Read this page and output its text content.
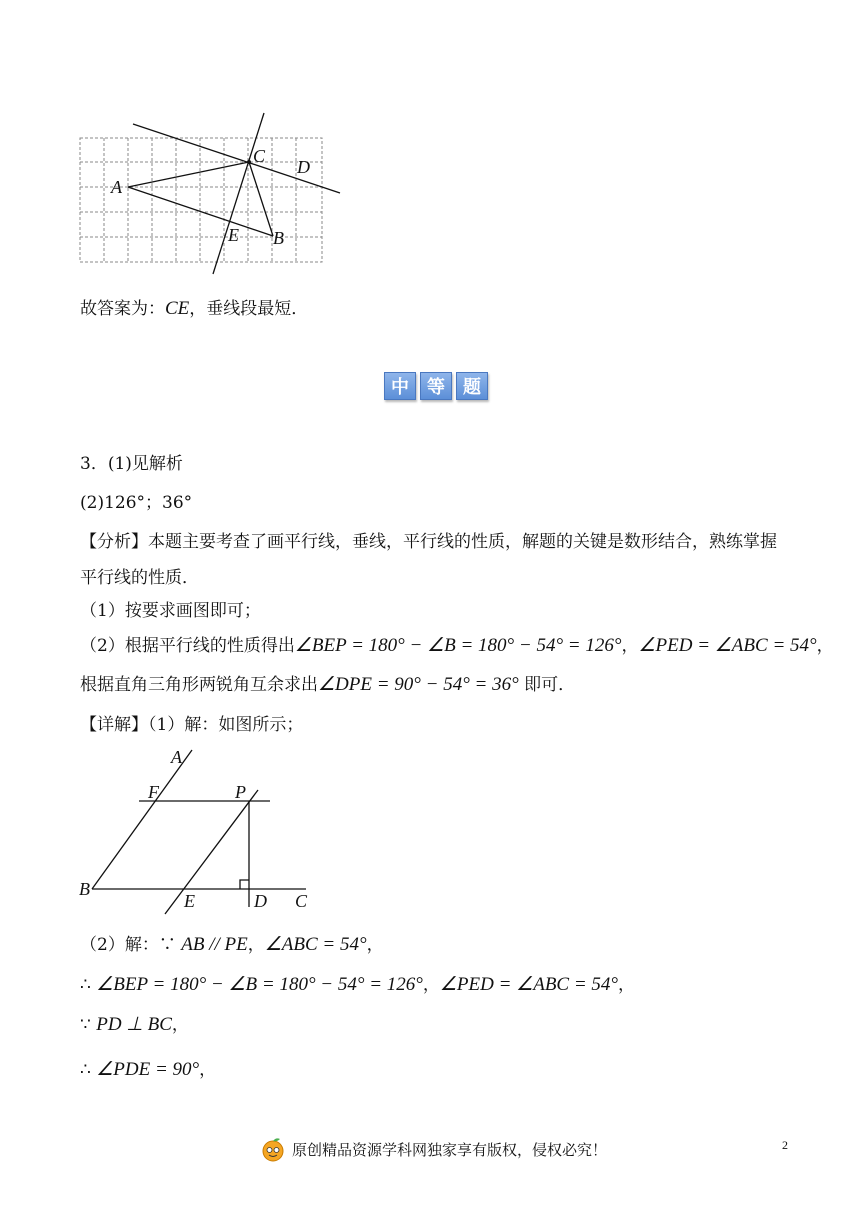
A
C
D
E B
故答案为：CE，垂线段最短．
中	等	题
3．(1)见解析
(2)126°；36°
【分析】本题主要考查了画平行线，垂线，平行线的性质，解题的关键是数形结合，熟练掌握
平行线的性质．
（1）按要求画图即可；
（2）根据平行线的性质得出∠BEP = 180° − ∠B = 180° − 54° = 126°，∠PED = ∠ABC = 54°，
根据直角三角形两锐角互余求出∠DPE = 90° − 54° = 36° 即可．
【详解】（1）解：如图所示；
A
F	P
B
E	D C
（2）解：∵ AB // PE，∠ABC = 54°，
∴ ∠BEP = 180° − ∠B = 180° − 54° = 126°，∠PED = ∠ABC = 54°，
∵ PD ⊥ BC，
∴ ∠PDE = 90°，
原创精品资源学科网独家享有版权，侵权必究！	2
